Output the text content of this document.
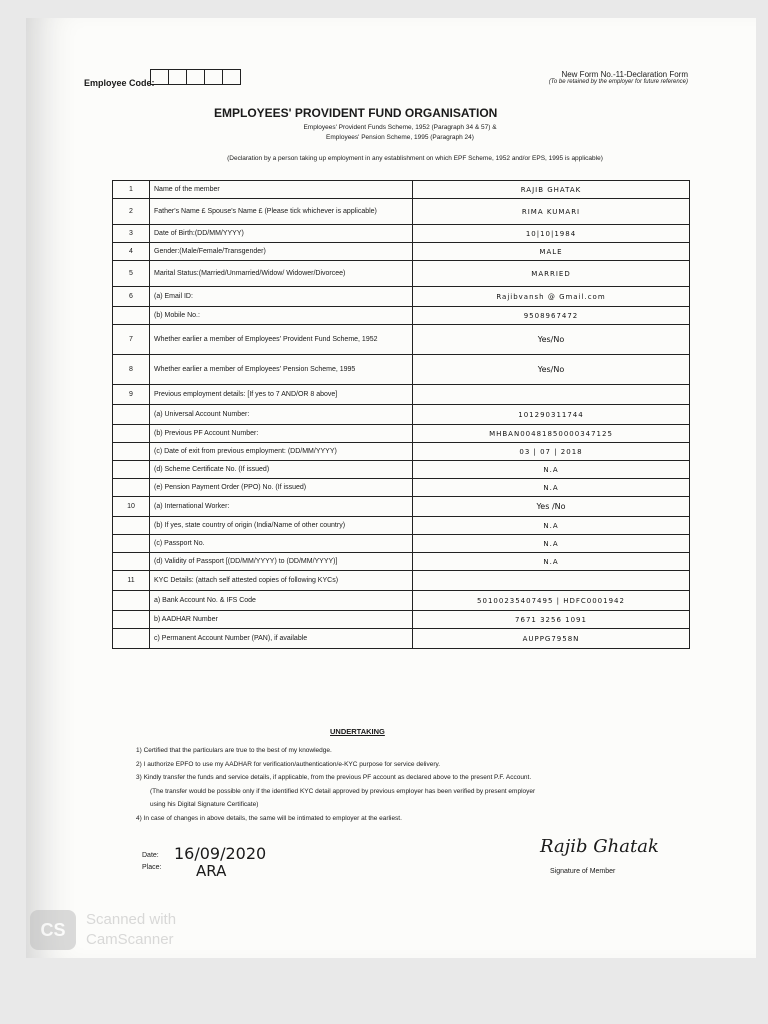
Employee Code:
New Form No.-11-Declaration Form
(To be retained by the employer for future reference)
EMPLOYEES' PROVIDENT FUND ORGANISATION
Employees' Provident Funds Scheme, 1952 (Paragraph 34 & 57) &
Employees' Pension Scheme, 1995 (Paragraph 24)
(Declaration by a person taking up employment in any establishment on which EPF Scheme, 1952 and/or EPS, 1995 is applicable)
1	Name of the member	RAJIB GHATAK
2	Father's Name £ Spouse's Name £ (Please tick whichever is applicable)	RIMA KUMARI
3	Date of Birth:(DD/MM/YYYY)	10|10|1984
4	Gender:(Male/Female/Transgender)	MALE
5	Marital Status:(Married/Unmarried/Widow/ Widower/Divorcee)	MARRIED
6	(a) Email ID:	Rajibvansh @ Gmail.com
	(b) Mobile No.:	9508967472
7	Whether earlier a member of Employees' Provident Fund Scheme, 1952	Yes/No
8	Whether earlier a member of Employees' Pension Scheme, 1995	Yes/No
9	Previous employment details: [If yes to 7 AND/OR 8 above]	
	(a) Universal Account Number:	101290311744
	(b) Previous PF Account Number:	MHBAN00481850000347125
	(c) Date of exit from previous employment: (DD/MM/YYYY)	03 | 07 | 2018
	(d) Scheme Certificate No. (If issued)	N.A
	(e) Pension Payment Order (PPO) No. (If issued)	N.A
10	(a) International Worker:	Yes /No
	(b) If yes, state country of origin (India/Name of other country)	N.A
	(c) Passport No.	N.A
	(d) Validity of Passport [(DD/MM/YYYY) to (DD/MM/YYYY)]	N.A
11	KYC Details: (attach self attested copies of following KYCs)	
	a) Bank Account No. & IFS Code	50100235407495 | HDFC0001942
	b) AADHAR Number	7671 3256 1091
	c) Permanent Account Number (PAN), if available	AUPPG7958N
UNDERTAKING
1) Certified that the particulars are true to the best of my knowledge.
2) I authorize EPFO to use my AADHAR for verification/authentication/e-KYC purpose for service delivery.
3) Kindly transfer the funds and service details, if applicable, from the previous PF account as declared above to the present P.F. Account.
(The transfer would be possible only if the identified KYC detail approved by previous employer has been verified by present employer
using his Digital Signature Certificate)
4) In case of changes in above details, the same will be intimated to employer at the earliest.
Date:
Place:
16/09/2020
ARA
Rajib Ghatak
Signature of Member
CS	Scanned with
CamScanner
